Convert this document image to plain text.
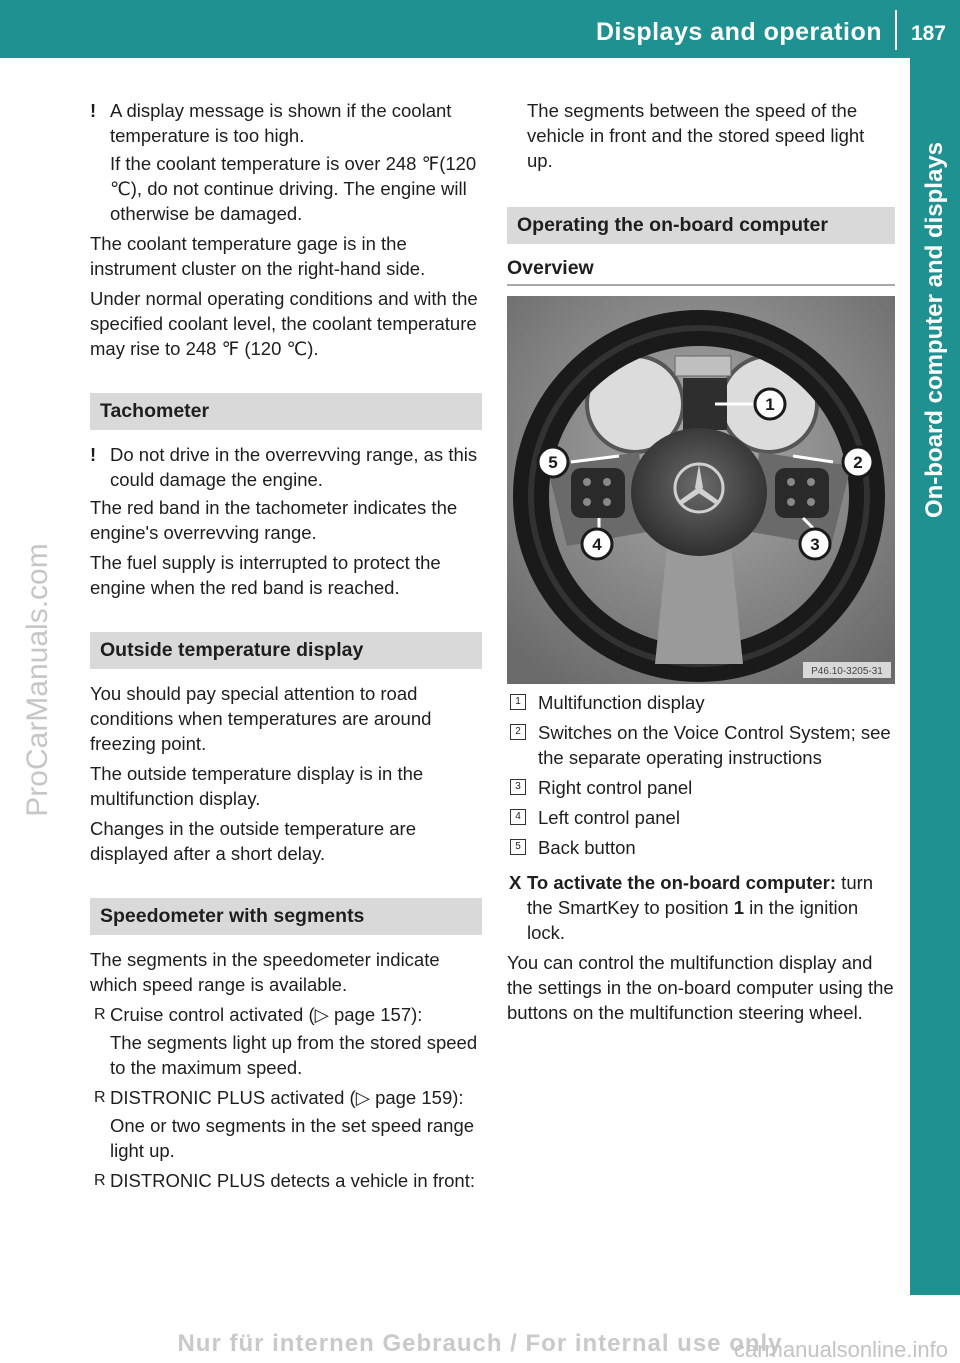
Displays and operation 187
On-board computer and displays
ProCarManuals.com

! A display message is shown if the coolant temperature is too high.

If the coolant temperature is over 248 ℉(120 ℃), do not continue driving. The engine will otherwise be damaged.

The coolant temperature gage is in the instrument cluster on the right-hand side.

Under normal operating conditions and with the specified coolant level, the coolant temperature may rise to 248 ℉ (120 ℃).

Tachometer

! Do not drive in the overrevving range, as this could damage the engine.

The red band in the tachometer indicates the engine's overrevving range.

The fuel supply is interrupted to protect the engine when the red band is reached.

Outside temperature display

You should pay special attention to road conditions when temperatures are around freezing point.

The outside temperature display is in the multifunction display.

Changes in the outside temperature are displayed after a short delay.

Speedometer with segments

The segments in the speedometer indicate which speed range is available.

R Cruise control activated (▷ page 157):

The segments light up from the stored speed to the maximum speed.

R DISTRONIC PLUS activated (▷ page 159):

One or two segments in the set speed range light up.

R DISTRONIC PLUS detects a vehicle in front:

The segments between the speed of the vehicle in front and the stored speed light up.

Operating the on-board computer
Overview
1
2
3
4
5
P46.10-3205-31
1 Multifunction display
2 Switches on the Voice Control System; see the separate operating instructions
3 Right control panel
4 Left control panel
5 Back button

X To activate the on-board computer: turn the SmartKey to position 1 in the ignition lock.

You can control the multifunction display and the settings in the on-board computer using the buttons on the multifunction steering wheel.

Nur für internen Gebrauch / For internal use only
carmanualsonline.info
